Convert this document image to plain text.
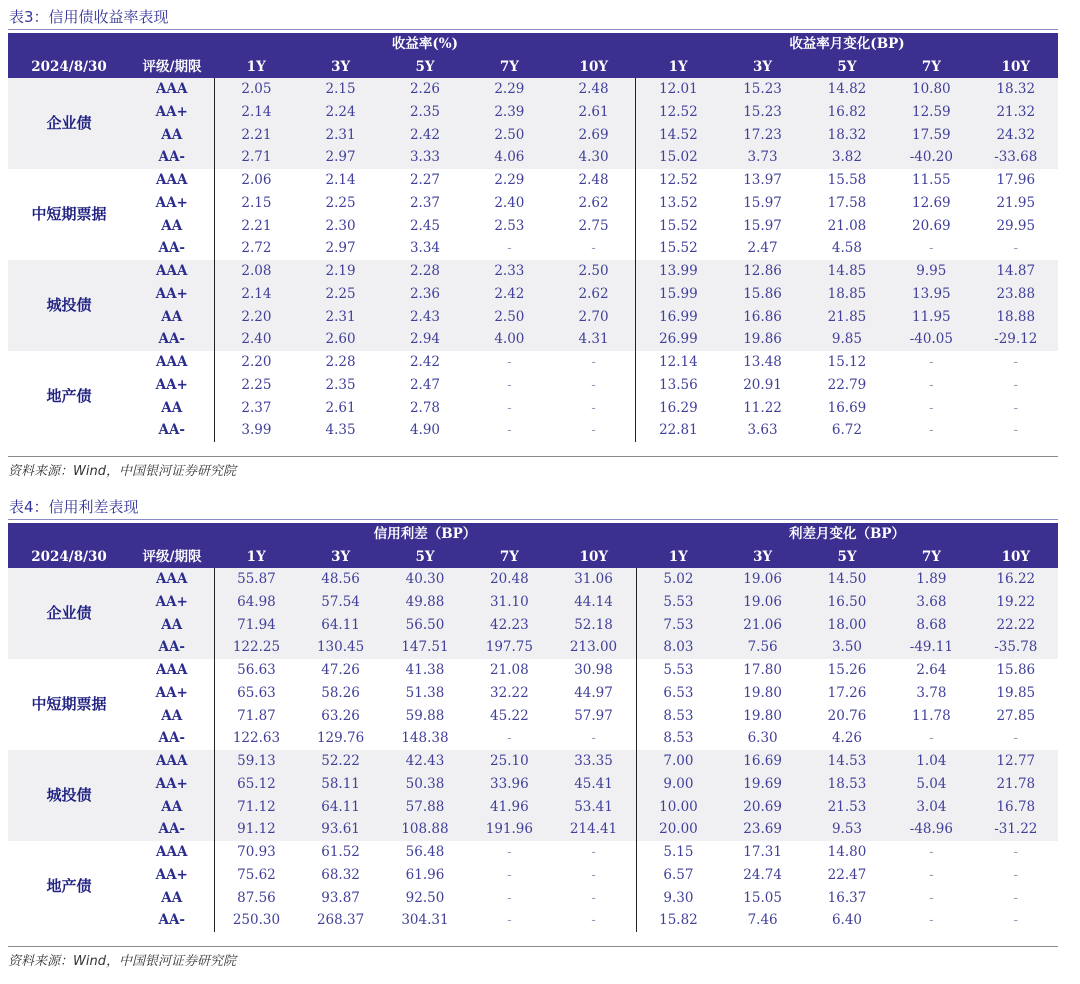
表3：信用债收益率表现
		收益率(%)					收益率月变化(BP)				
2024/8/30	评级/期限	1Y	3Y	5Y	7Y	10Y	1Y	3Y	5Y	7Y	10Y
企业债	AAA	2.05	2.15	2.26	2.29	2.48	12.01	15.23	14.82	10.80	18.32
	AA+	2.14	2.24	2.35	2.39	2.61	12.52	15.23	16.82	12.59	21.32
	AA	2.21	2.31	2.42	2.50	2.69	14.52	17.23	18.32	17.59	24.32
	AA-	2.71	2.97	3.33	4.06	4.30	15.02	3.73	3.82	-40.20	-33.68
中短期票据	AAA	2.06	2.14	2.27	2.29	2.48	12.52	13.97	15.58	11.55	17.96
	AA+	2.15	2.25	2.37	2.40	2.62	13.52	15.97	17.58	12.69	21.95
	AA	2.21	2.30	2.45	2.53	2.75	15.52	15.97	21.08	20.69	29.95
	AA-	2.72	2.97	3.34	-	-	15.52	2.47	4.58	-	-
城投债	AAA	2.08	2.19	2.28	2.33	2.50	13.99	12.86	14.85	9.95	14.87
	AA+	2.14	2.25	2.36	2.42	2.62	15.99	15.86	18.85	13.95	23.88
	AA	2.20	2.31	2.43	2.50	2.70	16.99	16.86	21.85	11.95	18.88
	AA-	2.40	2.60	2.94	4.00	4.31	26.99	19.86	9.85	-40.05	-29.12
地产债	AAA	2.20	2.28	2.42	-	-	12.14	13.48	15.12	-	-
	AA+	2.25	2.35	2.47	-	-	13.56	20.91	22.79	-	-
	AA	2.37	2.61	2.78	-	-	16.29	11.22	16.69	-	-
	AA-	3.99	4.35	4.90	-	-	22.81	3.63	6.72	-	-
资料来源：Wind，中国银河证券研究院
表4：信用利差表现
		信用利差（BP）					利差月变化（BP）				
2024/8/30	评级/期限	1Y	3Y	5Y	7Y	10Y	1Y	3Y	5Y	7Y	10Y
企业债	AAA	55.87	48.56	40.30	20.48	31.06	5.02	19.06	14.50	1.89	16.22
	AA+	64.98	57.54	49.88	31.10	44.14	5.53	19.06	16.50	3.68	19.22
	AA	71.94	64.11	56.50	42.23	52.18	7.53	21.06	18.00	8.68	22.22
	AA-	122.25	130.45	147.51	197.75	213.00	8.03	7.56	3.50	-49.11	-35.78
中短期票据	AAA	56.63	47.26	41.38	21.08	30.98	5.53	17.80	15.26	2.64	15.86
	AA+	65.63	58.26	51.38	32.22	44.97	6.53	19.80	17.26	3.78	19.85
	AA	71.87	63.26	59.88	45.22	57.97	8.53	19.80	20.76	11.78	27.85
	AA-	122.63	129.76	148.38	-	-	8.53	6.30	4.26	-	-
城投债	AAA	59.13	52.22	42.43	25.10	33.35	7.00	16.69	14.53	1.04	12.77
	AA+	65.12	58.11	50.38	33.96	45.41	9.00	19.69	18.53	5.04	21.78
	AA	71.12	64.11	57.88	41.96	53.41	10.00	20.69	21.53	3.04	16.78
	AA-	91.12	93.61	108.88	191.96	214.41	20.00	23.69	9.53	-48.96	-31.22
地产债	AAA	70.93	61.52	56.48	-	-	5.15	17.31	14.80	-	-
	AA+	75.62	68.32	61.96	-	-	6.57	24.74	22.47	-	-
	AA	87.56	93.87	92.50	-	-	9.30	15.05	16.37	-	-
	AA-	250.30	268.37	304.31	-	-	15.82	7.46	6.40	-	-
资料来源：Wind，中国银河证券研究院
